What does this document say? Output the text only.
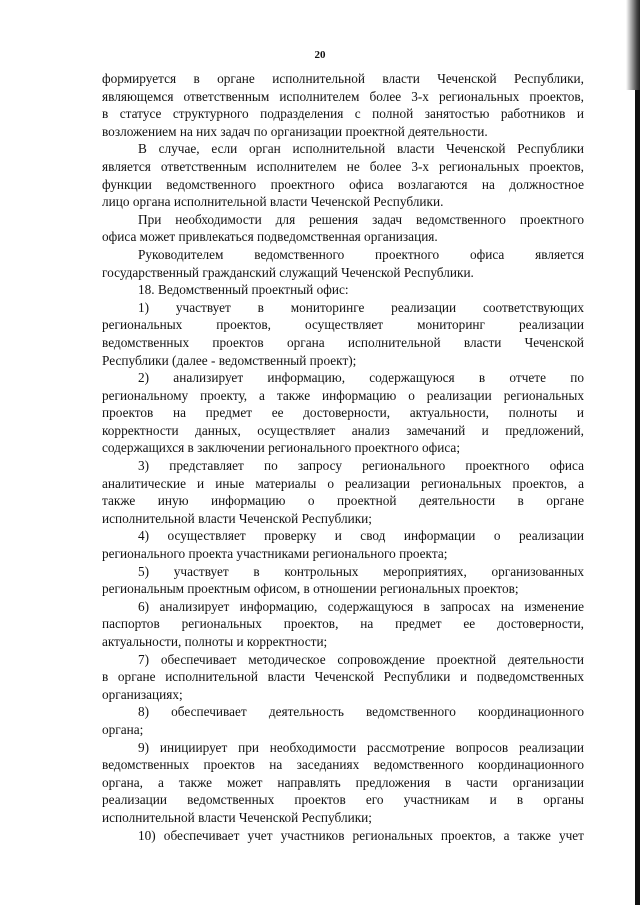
20
формируется в органе исполнительной власти Чеченской Республики,
являющемся ответственным исполнителем более 3-х региональных проектов,
в статусе структурного подразделения с полной занятостью работников и
возложением на них задач по организации проектной деятельности.
В случае, если орган исполнительной власти Чеченской Республики
является ответственным исполнителем не более 3-х региональных проектов,
функции ведомственного проектного офиса возлагаются на должностное
лицо органа исполнительной власти Чеченской Республики.
При необходимости для решения задач ведомственного проектного
офиса может привлекаться подведомственная организация.
Руководителем ведомственного проектного офиса является
государственный гражданский служащий Чеченской Республики.
18. Ведомственный проектный офис:
1) участвует в мониторинге реализации соответствующих
региональных проектов, осуществляет мониторинг реализации
ведомственных проектов органа исполнительной власти Чеченской
Республики (далее - ведомственный проект);
2) анализирует информацию, содержащуюся в отчете по
региональному проекту, а также информацию о реализации региональных
проектов на предмет ее достоверности, актуальности, полноты и
корректности данных, осуществляет анализ замечаний и предложений,
содержащихся в заключении регионального проектного офиса;
3) представляет по запросу регионального проектного офиса
аналитические и иные материалы о реализации региональных проектов, а
также иную информацию о проектной деятельности в органе
исполнительной власти Чеченской Республики;
4) осуществляет проверку и свод информации о реализации
регионального проекта участниками регионального проекта;
5) участвует в контрольных мероприятиях, организованных
региональным проектным офисом, в отношении региональных проектов;
6) анализирует информацию, содержащуюся в запросах на изменение
паспортов региональных проектов, на предмет ее достоверности,
актуальности, полноты и корректности;
7) обеспечивает методическое сопровождение проектной деятельности
в органе исполнительной власти Чеченской Республики и подведомственных
организациях;
8) обеспечивает деятельность ведомственного координационного
органа;
9) инициирует при необходимости рассмотрение вопросов реализации
ведомственных проектов на заседаниях ведомственного координационного
органа, а также может направлять предложения в части организации
реализации ведомственных проектов его участникам и в органы
исполнительной власти Чеченской Республики;
10) обеспечивает учет участников региональных проектов, а также учет
